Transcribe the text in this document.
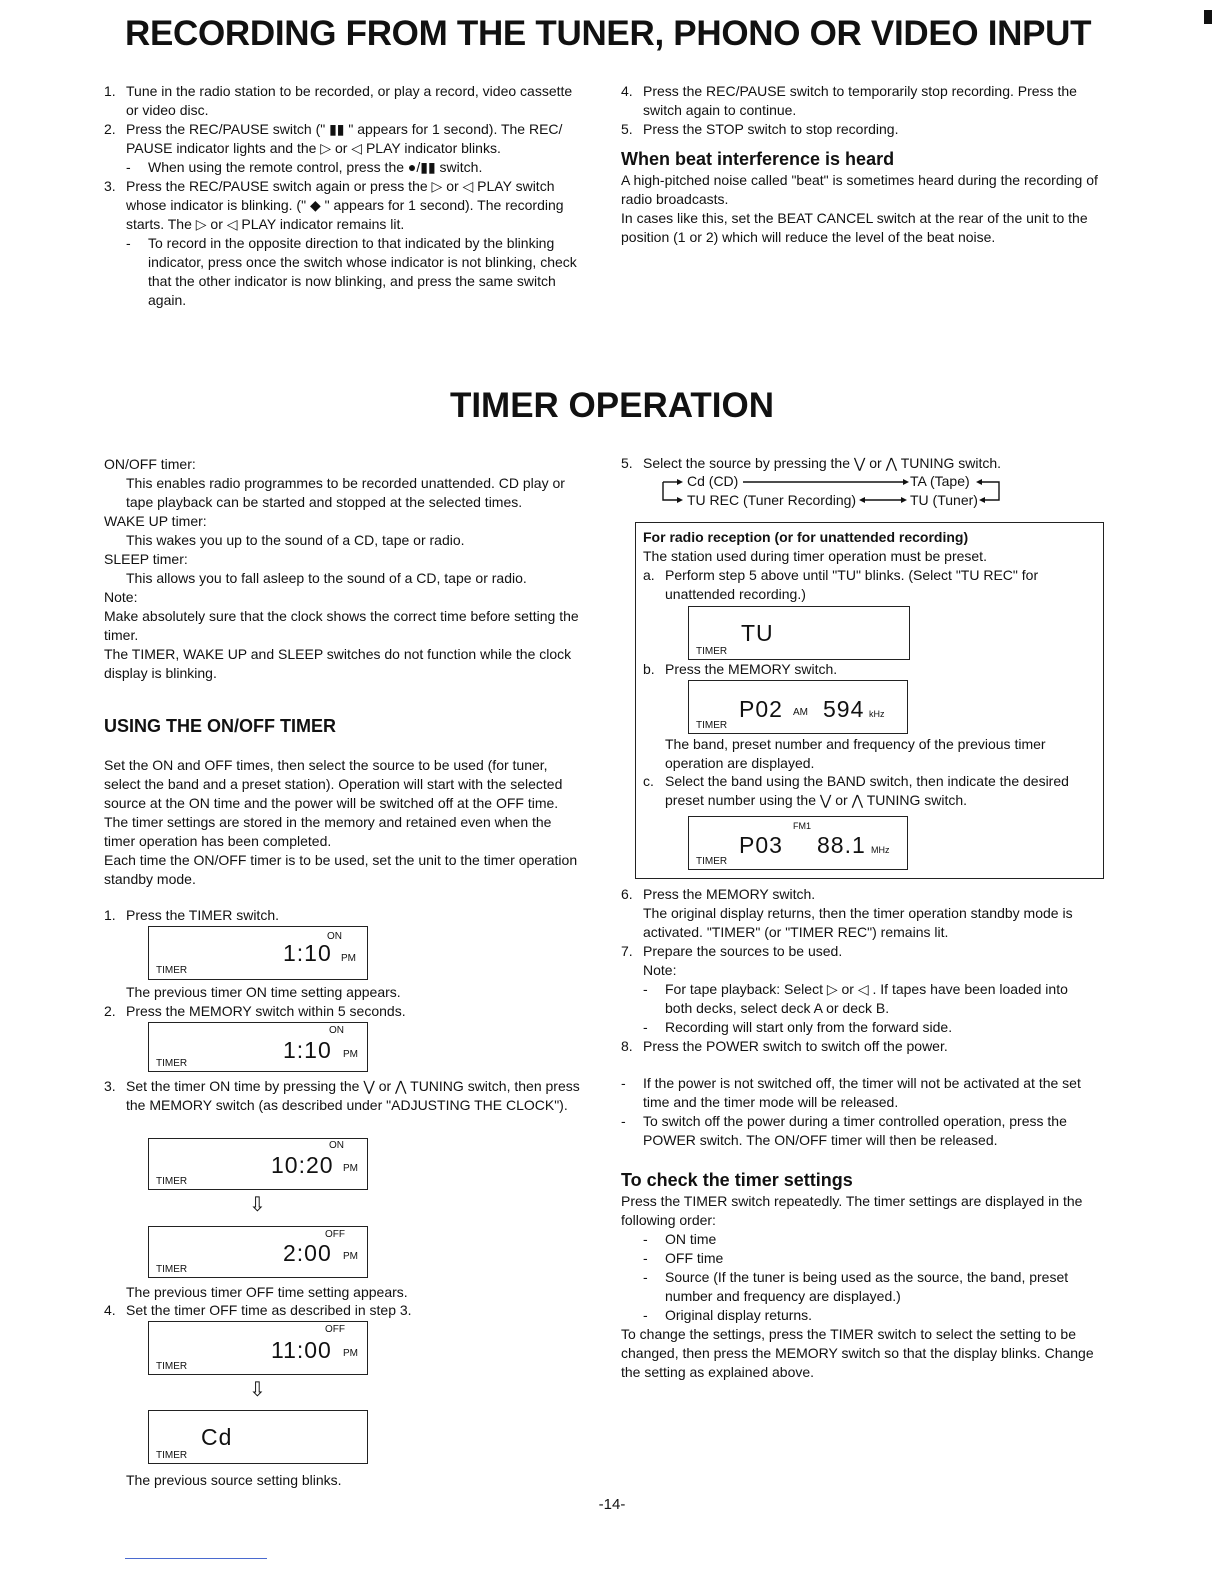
RECORDING FROM THE TUNER, PHONO OR VIDEO INPUT
1. Tune in the radio station to be recorded, or play a record, video cassette or video disc.
2. Press the REC/PAUSE switch (" ▮▮ " appears for 1 second). The REC/ PAUSE indicator lights and the ▷ or ◁ PLAY indicator blinks.
- When using the remote control, press the ●/▮▮ switch.
3. Press the REC/PAUSE switch again or press the ▷ or ◁ PLAY switch whose indicator is blinking. (" ◆ " appears for 1 second). The recording starts. The ▷ or ◁ PLAY indicator remains lit.
- To record in the opposite direction to that indicated by the blinking indicator, press once the switch whose indicator is not blinking, check that the other indicator is now blinking, and press the same switch again.
4. Press the REC/PAUSE switch to temporarily stop recording. Press the switch again to continue.
5. Press the STOP switch to stop recording.
When beat interference is heard

A high-pitched noise called "beat" is sometimes heard during the recording of radio broadcasts.

In cases like this, set the BEAT CANCEL switch at the rear of the unit to the position (1 or 2) which will reduce the level of the beat noise.

TIMER OPERATION

ON/OFF timer:

This enables radio programmes to be recorded unattended. CD play or tape playback can be started and stopped at the selected times.

WAKE UP timer:

This wakes you up to the sound of a CD, tape or radio.

SLEEP timer:

This allows you to fall asleep to the sound of a CD, tape or radio.

Note:

Make absolutely sure that the clock shows the correct time before setting the timer.

The TIMER, WAKE UP and SLEEP switches do not function while the clock display is blinking.

USING THE ON/OFF TIMER

Set the ON and OFF times, then select the source to be used (for tuner, select the band and a preset station). Operation will start with the selected source at the ON time and the power will be switched off at the OFF time. The timer settings are stored in the memory and retained even when the timer operation has been completed.

Each time the ON/OFF timer is to be used, set the unit to the timer operation standby mode.

1. Press the TIMER switch.
ON
1:10 PM
TIMER
The previous timer ON time setting appears.
2. Press the MEMORY switch within 5 seconds.
ON
1:10 PM
TIMER
3. Set the timer ON time by pressing the ⋁ or ⋀ TUNING switch, then press the MEMORY switch (as described under "ADJUSTING THE CLOCK").
ON
10:20 PM
TIMER
⇩
OFF
2:00 PM
TIMER
The previous timer OFF time setting appears.
4. Set the timer OFF time as described in step 3.
OFF
11:00 PM
TIMER
⇩
Cd
TIMER
The previous source setting blinks.
5. Select the source by pressing the ⋁ or ⋀ TUNING switch.
Cd (CD)	TA (Tape)
TU REC (Tuner Recording)	TU (Tuner)

For radio reception (or for unattended recording)

The station used during timer operation must be preset.

a. Perform step 5 above until "TU" blinks. (Select "TU REC" for unattended recording.)
TU
TIMER
b. Press the MEMORY switch.
P02 AM 594 kHz
TIMER
The band, preset number and frequency of the previous timer operation are displayed.
c. Select the band using the BAND switch, then indicate the desired preset number using the ⋁ or ⋀ TUNING switch.
FM1
P03 88.1 MHz
TIMER
6. Press the MEMORY switch.

The original display returns, then the timer operation standby mode is activated. "TIMER" (or "TIMER REC") remains lit.

7. Prepare the sources to be used.

Note:

- For tape playback: Select ▷ or ◁ . If tapes have been loaded into both decks, select deck A or deck B.
- Recording will start only from the forward side.
8. Press the POWER switch to switch off the power.
- If the power is not switched off, the timer will not be activated at the set time and the timer mode will be released.
- To switch off the power during a timer controlled operation, press the POWER switch. The ON/OFF timer will then be released.
To check the timer settings

Press the TIMER switch repeatedly. The timer settings are displayed in the following order:

- ON time
- OFF time
- Source (If the tuner is being used as the source, the band, preset number and frequency are displayed.)
- Original display returns.

To change the settings, press the TIMER switch to select the setting to be changed, then press the MEMORY switch so that the display blinks. Change the setting as explained above.

-14-
